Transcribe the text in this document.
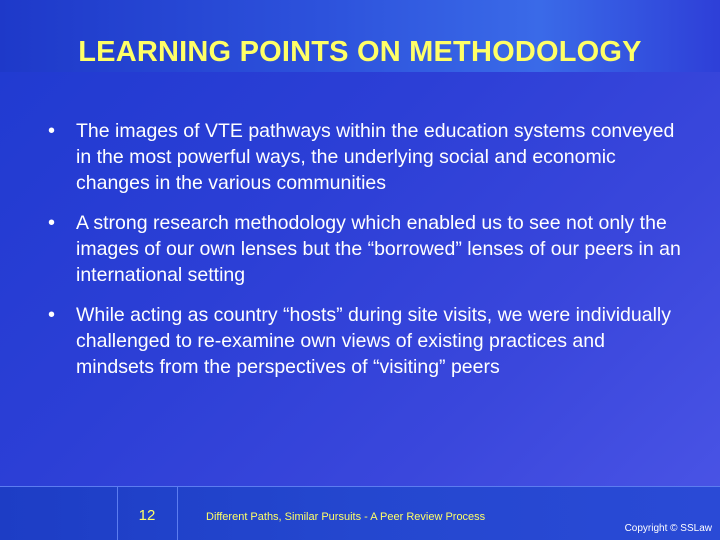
LEARNING POINTS ON METHODOLOGY
• The images of VTE pathways within the education systems conveyed in the most powerful ways, the underlying social and economic changes in the various communities
• A strong research methodology which enabled us to see not only the images of our own lenses but the “borrowed” lenses of our peers in an international setting
• While acting as country “hosts” during site visits, we were individually challenged to re-examine own views of existing practices and mindsets from the perspectives of “visiting” peers
12	Different Paths, Similar Pursuits - A Peer Review Process
Copyright © SSLaw
